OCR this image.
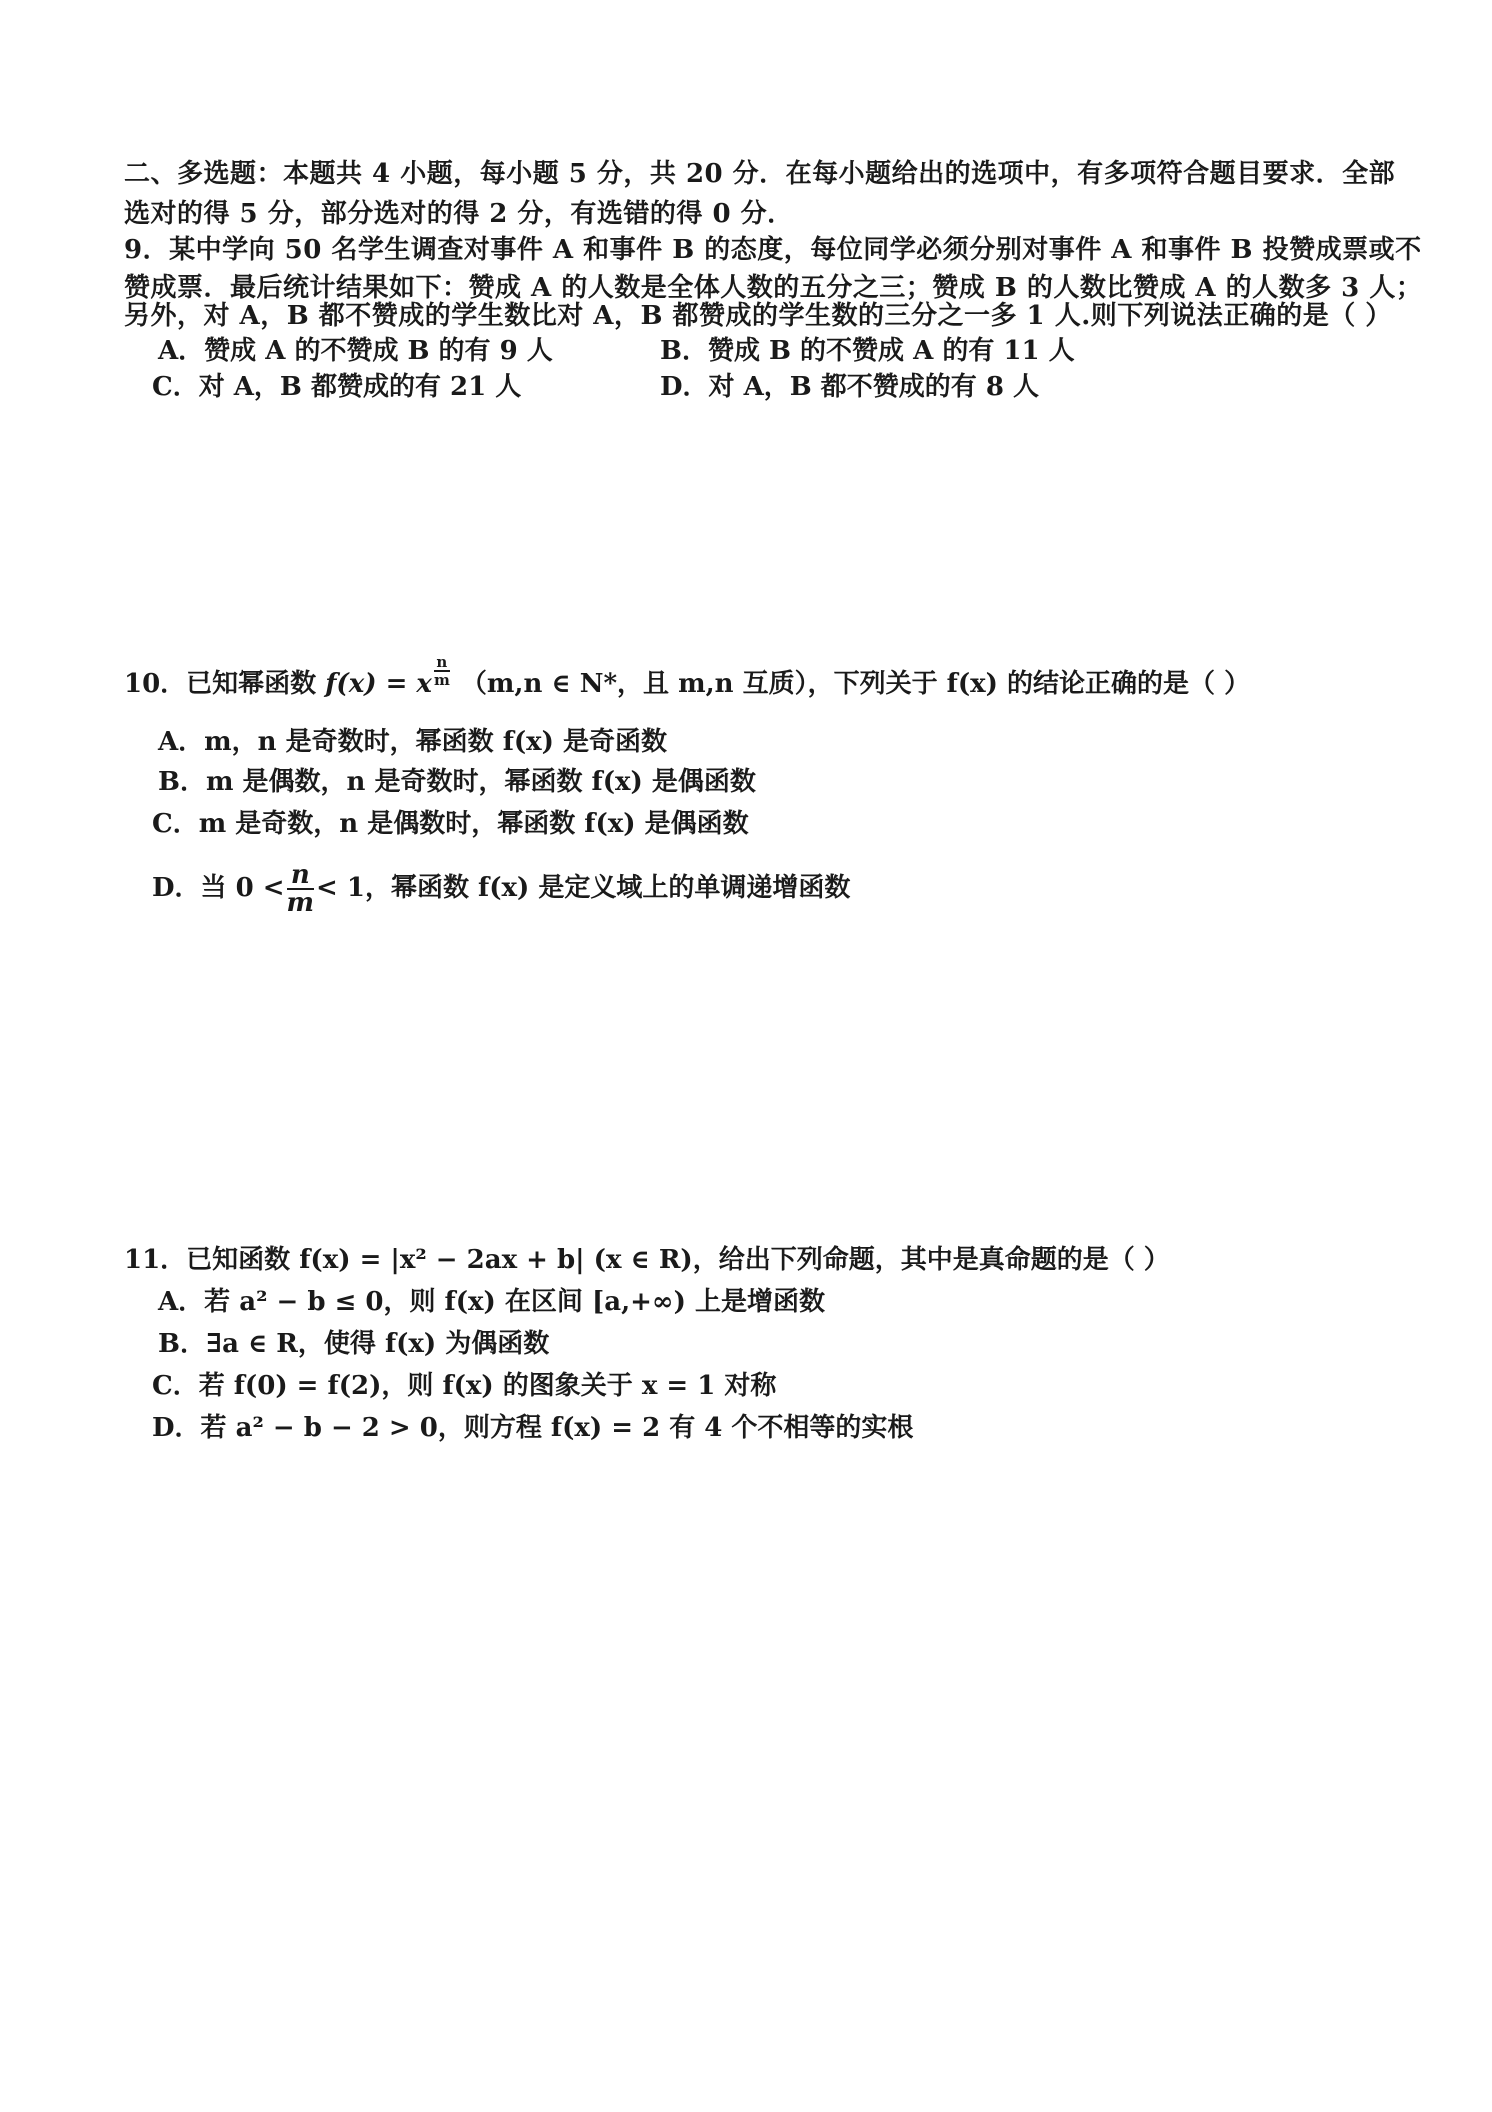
二、多选题：本题共 4 小题，每小题 5 分，共 20 分．在每小题给出的选项中，有多项符合题目要求．全部
选对的得 5 分，部分选对的得 2 分，有选错的得 0 分．
9．某中学向 50 名学生调查对事件 A 和事件 B 的态度，每位同学必须分别对事件 A 和事件 B 投赞成票或不
赞成票．最后统计结果如下：赞成 A 的人数是全体人数的五分之三；赞成 B 的人数比赞成 A 的人数多 3 人；
另外，对 A，B 都不赞成的学生数比对 A，B 都赞成的学生数的三分之一多 1 人.则下列说法正确的是（ ）
A．赞成 A 的不赞成 B 的有 9 人	B．赞成 B 的不赞成 A 的有 11 人
C．对 A，B 都赞成的有 21 人	D．对 A，B 都不赞成的有 8 人
10．已知幂函数 f(x) = x $\frac{n}{m} (m,n$ ∈ N*，且 m,n 互质），下列关于 f(x) 的结论正确的是（ ）
A．m，n 是奇数时，幂函数 f(x) 是奇函数
B．m 是偶数，n 是奇数时，幂函数 f(x) 是偶函数
C．m 是奇数，n 是偶数时，幂函数 f(x) 是偶函数
D．当 $0 < \frac{n}{m} < 1$，幂函数 f(x) 是定义域上的单调递增函数
11．已知函数 f(x) = |x² − 2ax + b| (x ∈ R)，给出下列命题，其中是真命题的是（ ）
A．若 a² − b ≤ 0，则 f(x) 在区间 [a,+∞) 上是增函数
B．∃a ∈ R，使得 f(x) 为偶函数
C．若 f(0) = f(2)，则 f(x) 的图象关于 x = 1 对称
D．若 a² − b − 2 > 0，则方程 f(x) = 2 有 4 个不相等的实根
